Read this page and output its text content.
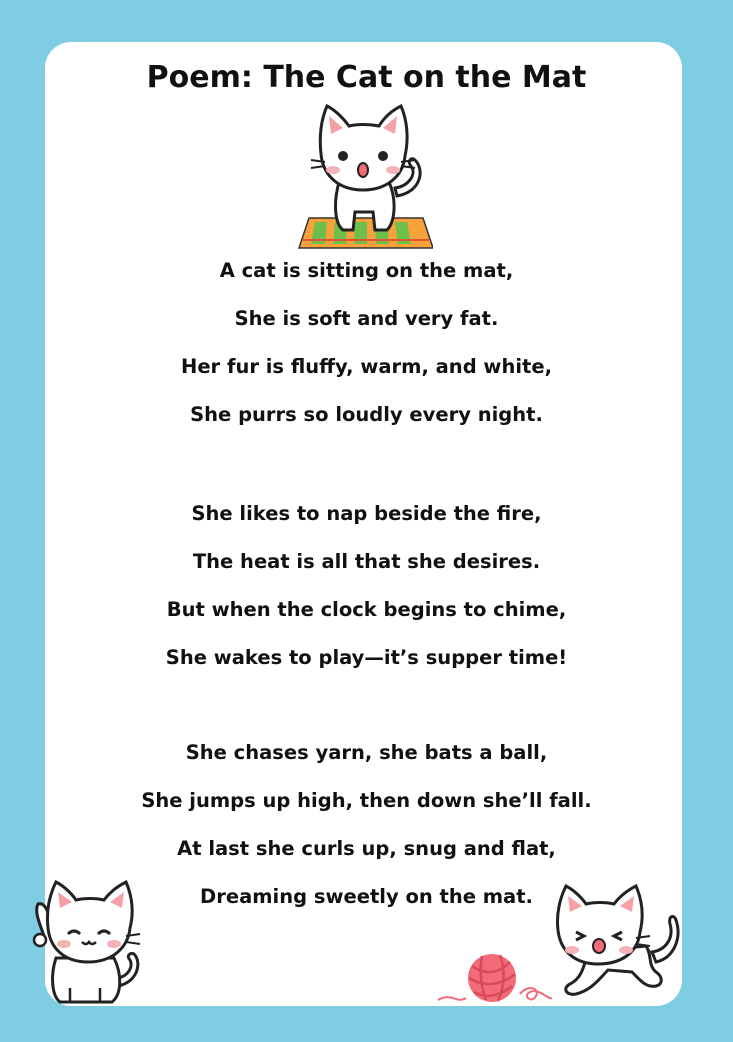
Poem: The Cat on the Mat
A cat is sitting on the mat,
She is soft and very fat.
Her fur is fluffy, warm, and white,
She purrs so loudly every night.
She likes to nap beside the fire,
The heat is all that she desires.
But when the clock begins to chime,
She wakes to play—it’s supper time!
She chases yarn, she bats a ball,
She jumps up high, then down she’ll fall.
At last she curls up, snug and flat,
Dreaming sweetly on the mat.
